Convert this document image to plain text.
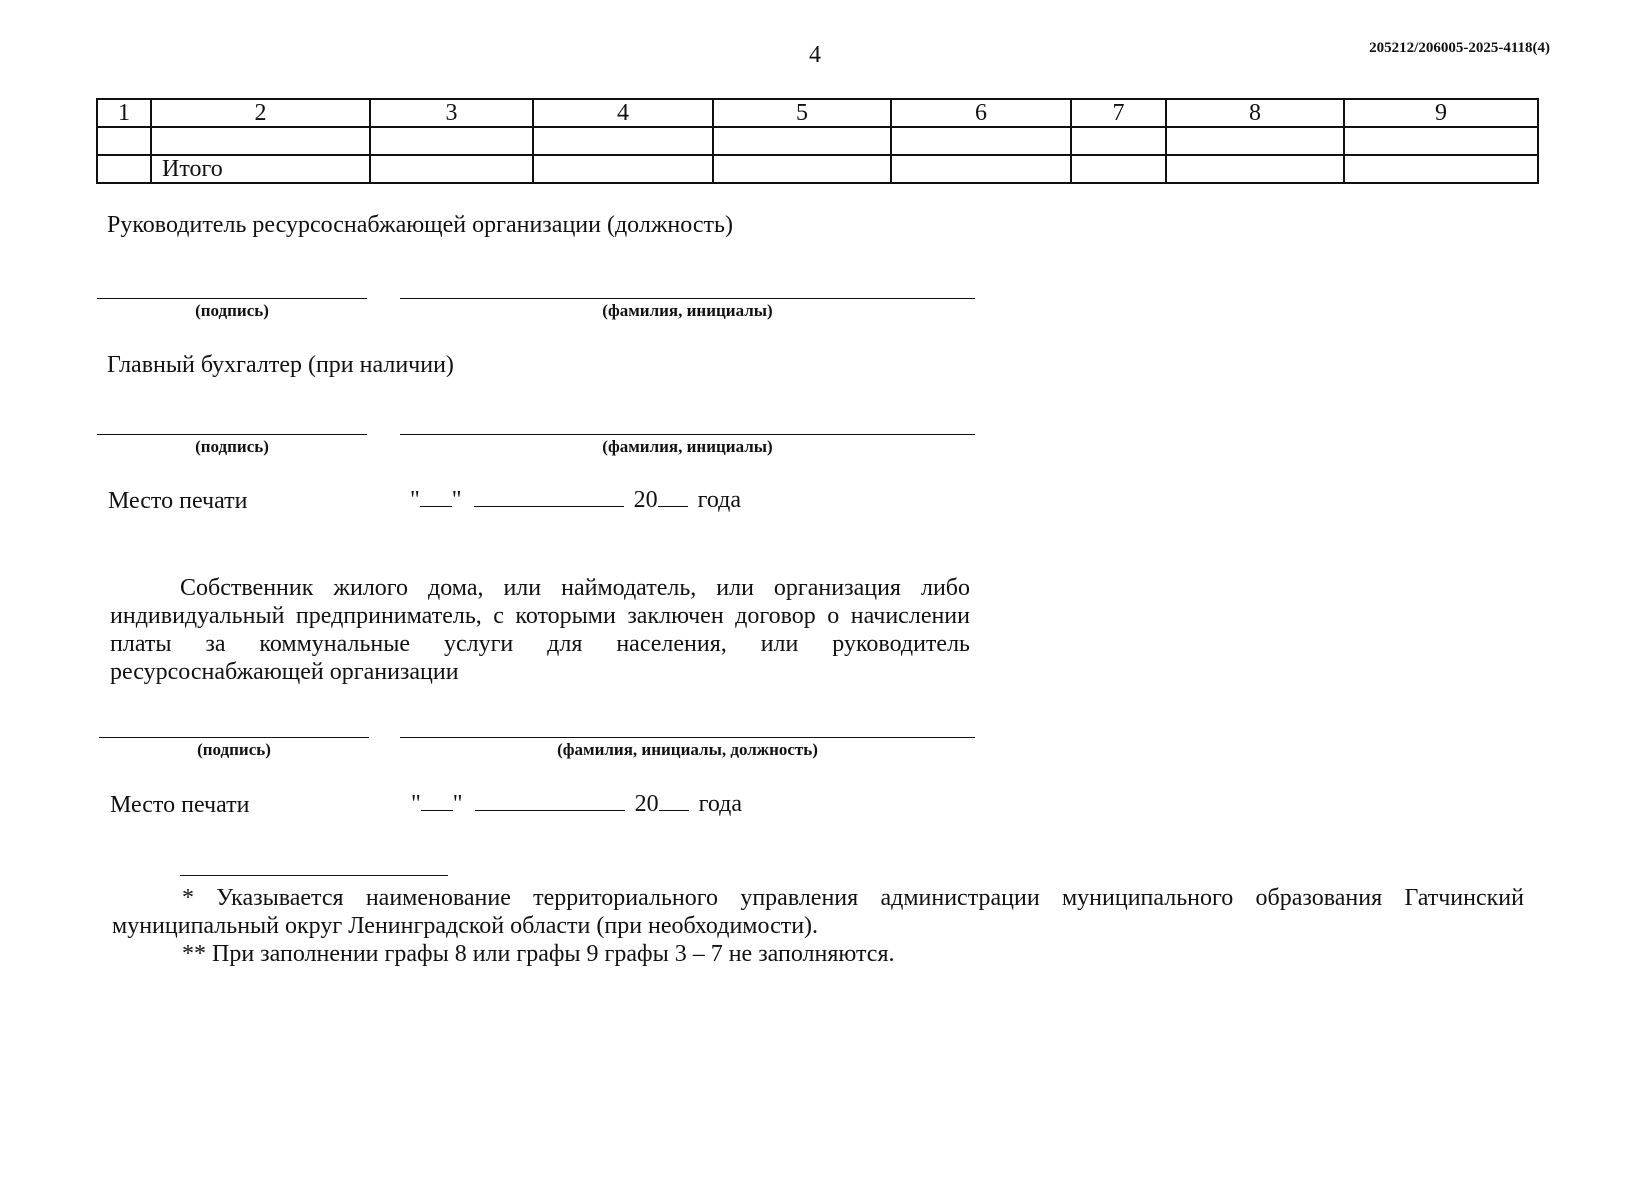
4	205212/206005-2025-4118(4)
1	2	3	4	5	6	7	8	9

	Итого							
Руководитель ресурсоснабжающей организации (должность)
(подпись)	(фамилия, инициалы)
Главный бухгалтер (при наличии)
(подпись)	(фамилия, инициалы)
Место печати	" "	20 года
Собственник жилого дома, или наймодатель, или организация либо индивидуальный предприниматель, с которыми заключен договор о начислении платы за коммунальные услуги для населения, или руководитель ресурсоснабжающей организации
(подпись)	(фамилия, инициалы, должность)
Место печати	" "	20 года
* Указывается наименование территориального управления администрации муниципального образования Гатчинский муниципальный округ Ленинградской области (при необходимости).
** При заполнении графы 8 или графы 9 графы 3 – 7 не заполняются.
